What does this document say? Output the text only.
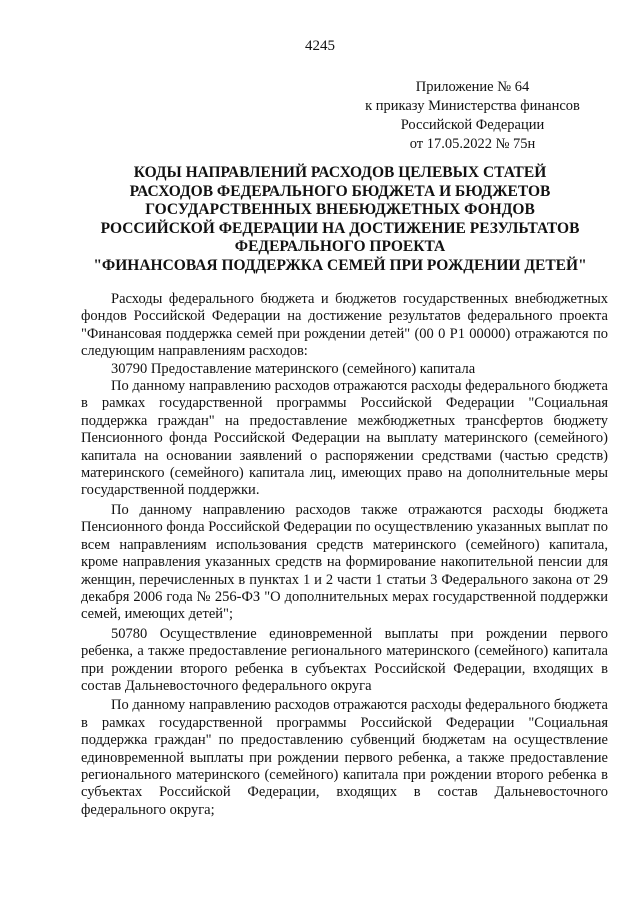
4245
Приложение № 64
к приказу Министерства финансов
Российской Федерации
от 17.05.2022 № 75н
КОДЫ НАПРАВЛЕНИЙ РАСХОДОВ ЦЕЛЕВЫХ СТАТЕЙ
РАСХОДОВ ФЕДЕРАЛЬНОГО БЮДЖЕТА И БЮДЖЕТОВ
ГОСУДАРСТВЕННЫХ ВНЕБЮДЖЕТНЫХ ФОНДОВ
РОССИЙСКОЙ ФЕДЕРАЦИИ НА ДОСТИЖЕНИЕ РЕЗУЛЬТАТОВ
ФЕДЕРАЛЬНОГО ПРОЕКТА
"ФИНАНСОВАЯ ПОДДЕРЖКА СЕМЕЙ ПРИ РОЖДЕНИИ ДЕТЕЙ"

Расходы федерального бюджета и бюджетов государственных внебюджетных фондов Российской Федерации на достижение результатов федерального проекта "Финансовая поддержка семей при рождении детей" (00 0 P1 00000) отражаются по следующим направлениям расходов:

30790 Предоставление материнского (семейного) капитала

По данному направлению расходов отражаются расходы федерального бюджета в рамках государственной программы Российской Федерации "Социальная поддержка граждан" на предоставление межбюджетных трансфертов бюджету Пенсионного фонда Российской Федерации на выплату материнского (семейного) капитала на основании заявлений о распоряжении средствами (частью средств) материнского (семейного) капитала лиц, имеющих право на дополнительные меры государственной поддержки.

По данному направлению расходов также отражаются расходы бюджета Пенсионного фонда Российской Федерации по осуществлению указанных выплат по всем направлениям использования средств материнского (семейного) капитала, кроме направления указанных средств на формирование накопительной пенсии для женщин, перечисленных в пунктах 1 и 2 части 1 статьи 3 Федерального закона от 29 декабря 2006 года № 256-ФЗ "О дополнительных мерах государственной поддержки семей, имеющих детей";

50780 Осуществление единовременной выплаты при рождении первого ребенка, а также предоставление регионального материнского (семейного) капитала при рождении второго ребенка в субъектах Российской Федерации, входящих в состав Дальневосточного федерального округа

По данному направлению расходов отражаются расходы федерального бюджета в рамках государственной программы Российской Федерации "Социальная поддержка граждан" по предоставлению субвенций бюджетам на осуществление единовременной выплаты при рождении первого ребенка, а также предоставление регионального материнского (семейного) капитала при рождении второго ребенка в субъектах Российской Федерации, входящих в состав Дальневосточного федерального округа;
